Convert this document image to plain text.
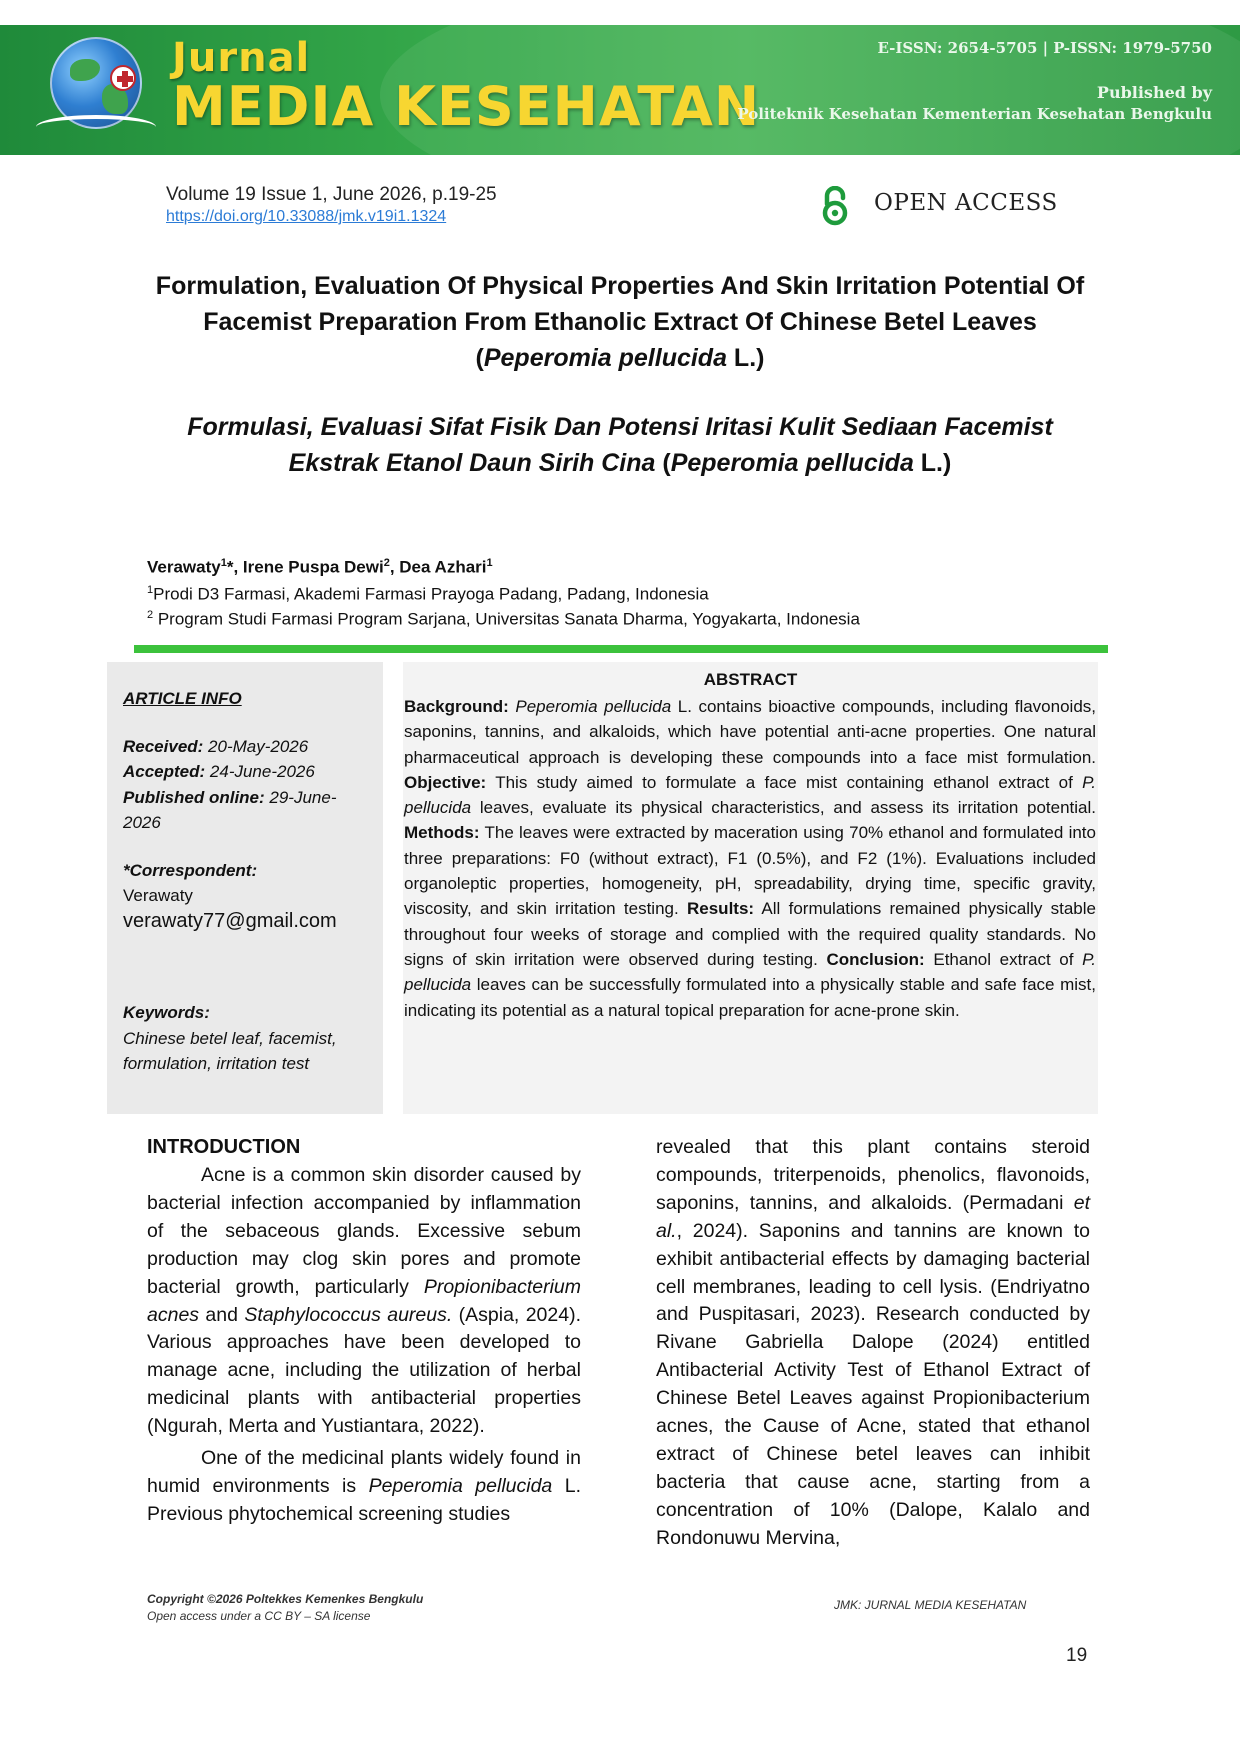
Jurnal
MEDIA KESEHATAN
E-ISSN: 2654-5705 | P-ISSN: 1979-5750
Published by
Politeknik Kesehatan Kementerian Kesehatan Bengkulu
Volume 19 Issue 1, June 2026, p.19-25
https://doi.org/10.33088/jmk.v19i1.1324
OPEN ACCESS
Formulation, Evaluation Of Physical Properties And Skin Irritation Potential Of
Facemist Preparation From Ethanolic Extract Of Chinese Betel Leaves
(Peperomia pellucida L.)
Formulasi, Evaluasi Sifat Fisik Dan Potensi Iritasi Kulit Sediaan Facemist
Ekstrak Etanol Daun Sirih Cina (Peperomia pellucida L.)
Verawaty$^1$*, Irene Puspa Dewi$^2$, Dea Azhari$^1$
$^1$Prodi D3 Farmasi, Akademi Farmasi Prayoga Padang, Padang, Indonesia
$^2$ Program Studi Farmasi Program Sarjana, Universitas Sanata Dharma, Yogyakarta, Indonesia
ARTICLE INFO
Received: 20-May-2026
Accepted: 24-June-2026
Published online: 29-June-2026
*Correspondent:
Verawaty
verawaty77@gmail.com
Keywords:
Chinese betel leaf, facemist, formulation, irritation test
ABSTRACT
Background: Peperomia pellucida L. contains bioactive compounds, including flavonoids, saponins, tannins, and alkaloids, which have potential anti-acne properties. One natural pharmaceutical approach is developing these compounds into a face mist formulation. Objective: This study aimed to formulate a face mist containing ethanol extract of P. pellucida leaves, evaluate its physical characteristics, and assess its irritation potential. Methods: The leaves were extracted by maceration using 70% ethanol and formulated into three preparations: F0 (without extract), F1 (0.5%), and F2 (1%). Evaluations included organoleptic properties, homogeneity, pH, spreadability, drying time, specific gravity, viscosity, and skin irritation testing. Results: All formulations remained physically stable throughout four weeks of storage and complied with the required quality standards. No signs of skin irritation were observed during testing. Conclusion: Ethanol extract of P. pellucida leaves can be successfully formulated into a physically stable and safe face mist, indicating its potential as a natural topical preparation for acne-prone skin.
INTRODUCTION

Acne is a common skin disorder caused by bacterial infection accompanied by inflammation of the sebaceous glands. Excessive sebum production may clog skin pores and promote bacterial growth, particularly Propionibacterium acnes and Staphylococcus aureus. (Aspia, 2024). Various approaches have been developed to manage acne, including the utilization of herbal medicinal plants with antibacterial properties (Ngurah, Merta and Yustiantara, 2022).

One of the medicinal plants widely found in humid environments is Peperomia pellucida L. Previous phytochemical screening studies

revealed that this plant contains steroid compounds, triterpenoids, phenolics, flavonoids, saponins, tannins, and alkaloids. (Permadani et al., 2024). Saponins and tannins are known to exhibit antibacterial effects by damaging bacterial cell membranes, leading to cell lysis. (Endriyatno and Puspitasari, 2023). Research conducted by Rivane Gabriella Dalope (2024) entitled Antibacterial Activity Test of Ethanol Extract of Chinese Betel Leaves against Propionibacterium acnes, the Cause of Acne, stated that ethanol extract of Chinese betel leaves can inhibit bacteria that cause acne, starting from a concentration of 10% (Dalope, Kalalo and Rondonuwu Mervina,

Copyright ©2026 Poltekkes Kemenkes Bengkulu
Open access under a CC BY – SA license
JMK: JURNAL MEDIA KESEHATAN
19
